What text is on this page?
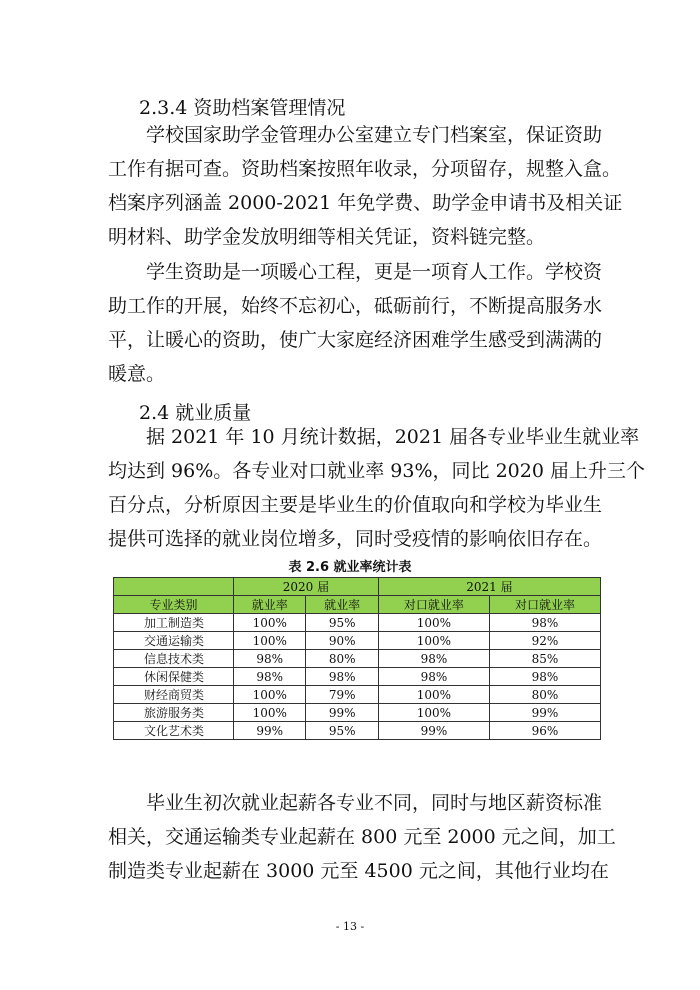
2.3.4 资助档案管理情况
学校国家助学金管理办公室建立专门档案室，保证资助
工作有据可查。资助档案按照年收录，分项留存，规整入盒。
档案序列涵盖 2000-2021 年免学费、助学金申请书及相关证
明材料、助学金发放明细等相关凭证，资料链完整。
学生资助是一项暖心工程，更是一项育人工作。学校资
助工作的开展，始终不忘初心，砥砺前行，不断提高服务水
平，让暖心的资助，使广大家庭经济困难学生感受到满满的
暖意。
2.4 就业质量
据 2021 年 10 月统计数据，2021 届各专业毕业生就业率
均达到 96%。各专业对口就业率 93%，同比 2020 届上升三个
百分点，分析原因主要是毕业生的价值取向和学校为毕业生
提供可选择的就业岗位增多，同时受疫情的影响依旧存在。
表 2.6 就业率统计表
	2020 届		2021 届	
专业类别	就业率	就业率	对口就业率	对口就业率
加工制造类	100%	95%	100%	98%
交通运输类	100%	90%	100%	92%
信息技术类	98%	80%	98%	85%
休闲保健类	98%	98%	98%	98%
财经商贸类	100%	79%	100%	80%
旅游服务类	100%	99%	100%	99%
文化艺术类	99%	95%	99%	96%
毕业生初次就业起薪各专业不同，同时与地区薪资标准
相关，交通运输类专业起薪在 800 元至 2000 元之间，加工
制造类专业起薪在 3000 元至 4500 元之间，其他行业均在
- 13 -
